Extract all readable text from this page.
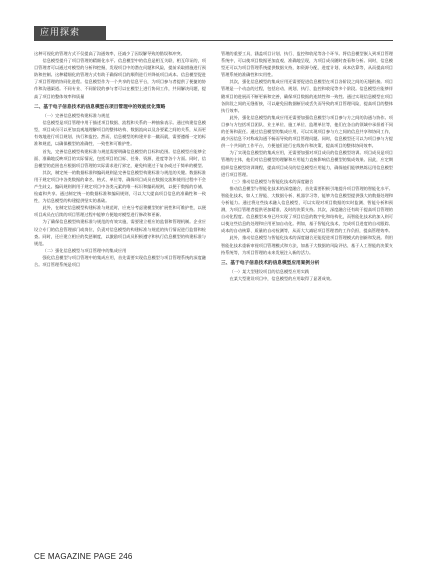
应用探索

这种可视化的管理方式不仅提高了沟通效率，还减少了因误解导致的错误和冲突。

信息模型提升了项目管理的精细化水平。信息模型中的信息是相互关联、相互印证的，项目管理者可以通过对模型的分析和挖掘，发现项目中的潜在问题和风险，提前采取措施进行预防和控制。这种精细化的管理方式有助于确保项目的顺利进行并降低项目成本。信息模型促进了项目管理的协同化进程。信息模型作为一个共享的信息平台，为项目参与者提供了便捷的协作和沟通渠道。不同专业、不同阶段的参与者可以在模型上进行协同工作，共同解决问题，提高了项目的整体效率和质量

二、基于电子信息技术的信息模型在项目管理中的效能优化策略

（一）完善信息模型构建标准与规范

信息模型是项目管理中用于描述项目数据、流程和关系的一种抽象表示。通过构建信息模型，项目成员可以更加直观地理解项目的整体结构、数据流向以及各要素之间的关系，从而更有效地进行项目规划、执行和监控。然而，信息模型的构建并非一蹴而就，需要遵循一定的标准和规范，以确保模型的准确性、一致性和可维护性。

首先，完善信息模型构建标准与规范需要明确信息模型的目标和范围。信息模型应能够全面、准确地反映项目的实际情况，包括项目的目标、任务、资源、进度等各个方面。同时，信息模型的范围也应根据项目管理的实际需求进行界定，避免构建过于复杂或过于简单的模型。

其次，制定统一的数据标准和编码规则是完善信息模型构建标准与规范的关键。数据标准用于规定项目中各类数据的命名、格式、单位等，确保项目成员在数据交流和使用过程中不会产生歧义。编码规则则用于规定项目中各类元素的唯一标识和编码规则，以便于数据的存储、检索和共享。通过制定统一的数据标准和编码规则，可以大大提高项目信息的准确性和一致性，为信息模型的构建提供坚实的基础。

此外，在制定信息模型构建标准与规范时，应充分考虑建模型的扩展性和可维护性，以便项目成员在后续的项目管理过程中能够方便地对模型进行修改和更新。

为了确保信息模型构建标准与规范的有效实施，需要建立相应的监督和管理机制。企业应设立专门的信息管理部门或岗位，负责对信息模型的构建标准与规范的执行情况进行监督和检查。同时，还应建立相应的奖惩制度，以激励项目成员积极遵守和执行信息模型的构建标准与规范。

（二）强化信息模型与项目管理中的集成应用

强化信息模型与项目管理中的集成应用，首先需要实现信息模型与项目管理系统的深度融合。项目管理系统是项目

管理的重要工具，涵盖项目计划、执行、监控和收尾等各个环节。将信息模型嵌入到项目管理系统中，可以使项目数据更加直观、准确地呈现，为项目成员随时查看和分析。同时，信息模型还可以为项目管理系统提供数据支持，如资源分配、进度计划、成本估算等，从而提高项目管理系统的准确性和实用性。

其次，强化信息模型的集成应用还需要促进信息模型在项目各阶段之间的无缝衔接。项目管理是一个动态的过程，包括启动、规划、执行、监控和收尾等多个阶段。信息模型应能够伴随项目的进展而不断更新和完善，确保项目数据的连续性和一致性。通过实现信息模型在项目各阶段之间的无缝衔接，可以避免因数据断层或丢失而导致的项目管理风险，提高项目的整体执行效率。

此外，强化信息模型的集成应用还需要加强信息模型与项目参与方之间的沟通与协作。项目参与方包括项目团队、业主单位、施工单位、监理单位等，他们在各自的领域中承担着不同的任务和责任。通过信息模型的集成应用，可以实现项目参与方之间的信息共享和协同工作，减少因信息不对称或沟通不畅而导致的项目管理问题。同时，信息模型还可以为项目参与方提供一个共同的工作平台，方便他们进行在线协作和决策，提高项目的整体协同效率。

为了实现信息模型的集成应用，还需要加强对项目成员的信息模型培训。项目成员是项目管理的主体，他们对信息模型的理解和应用能力直接影响信息模型的集成效果。因此，应定期组织信息模型培训课程，提高项目成员的信息模型应用能力，确保他们能够熟练运用信息模型进行项目管理。

（三）推动信息模型与智能化技术的深度融合

推动信息模型与智能化技术的深度融合，首先需要积极引地提升项目管理的智能化水平。智能化技术，如人工智能、大数据分析、机器学习等，能够为信息模型提供强大的数据处理和分析能力。通过将这些技术融入信息模型，可以实现对项目数据的实时监测、智能分析和预测，为项目管理者提供更加精准、及时的决策支持。其次，深度融合还有助于提高项目管理的自动化程度。信息模型本身已经实现了项目信息的数字化和结构化，而智能化技术的加入则可以使这些信息的处理和应用更加自动化。例如，基于智能化技术，完成项目进度的自动跟踪、成本的自动核算、质量的自动检测等，从而大大减轻项目管理者的工作负担，提高管理效率。

此外，推动信息模型与智能化技术的深度融合还能促进项目管理模式的创新和发展。利用智能化技术重新审视项目管理模式和方法，如基于大数据的风险评估、基于人工智能的决策支持系统等，为项目管理的未来发展注入新的活力。

三、基于电子信息技术的信息模型应用案例分析

（一）某大型建设项目的信息模型应用实践

在某大型建设项目中，信息模型的应用取得了显著成效。

CE MAGAZINE PAGE 246
